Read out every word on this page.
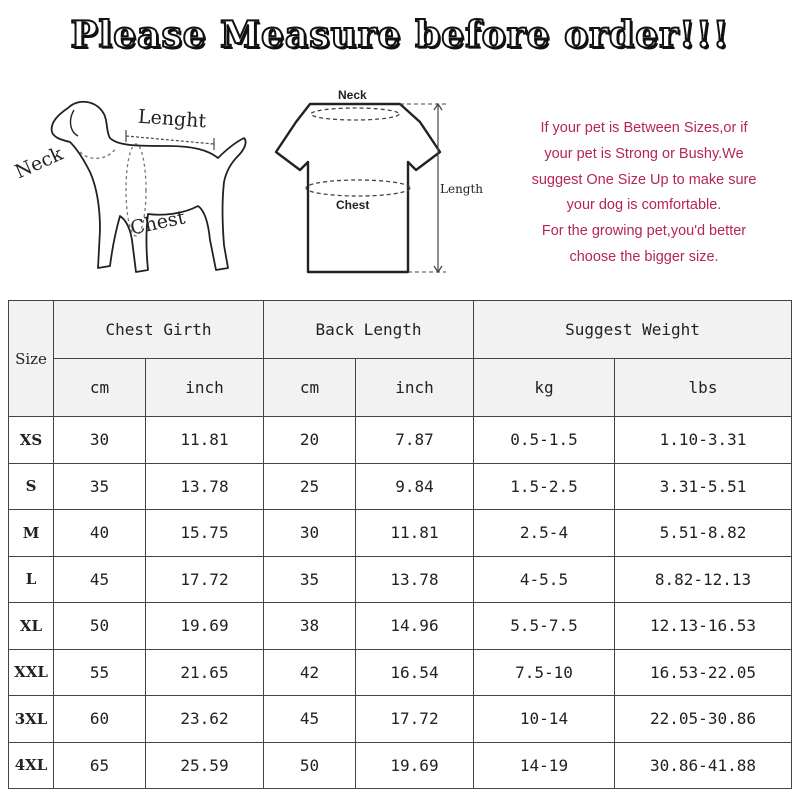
Please Measure before order!!!
Neck
Lenght
Chest
Neck
Chest
Length
If your pet is Between Sizes,or if
your pet is Strong or Bushy.We
suggest One Size Up to make sure
your dog is comfortable.
For the growing pet,you'd better
choose the bigger size.
Size	Chest Girth		Back Length		Suggest Weight	
	cm	inch	cm	inch	kg	lbs
XS	30	11.81	20	7.87	0.5-1.5	1.10-3.31
S	35	13.78	25	9.84	1.5-2.5	3.31-5.51
M	40	15.75	30	11.81	2.5-4	5.51-8.82
L	45	17.72	35	13.78	4-5.5	8.82-12.13
XL	50	19.69	38	14.96	5.5-7.5	12.13-16.53
XXL	55	21.65	42	16.54	7.5-10	16.53-22.05
3XL	60	23.62	45	17.72	10-14	22.05-30.86
4XL	65	25.59	50	19.69	14-19	30.86-41.88
